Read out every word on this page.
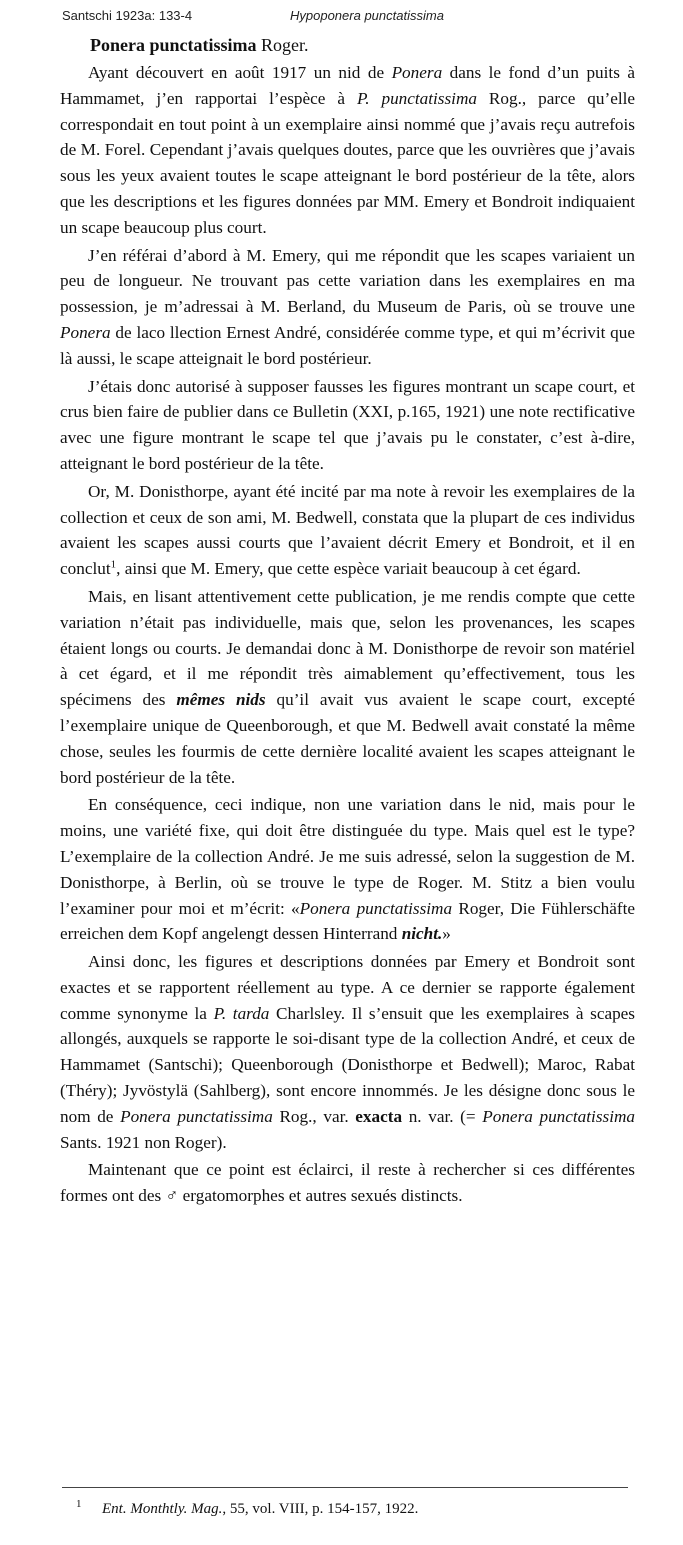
Santschi 1923a: 133-4	Hypoponera punctatissima
Ponera punctatissima Roger.

Ayant découvert en août 1917 un nid de Ponera dans le fond d’un puits à Hammamet, j’en rapportai l’espèce à P. punctatissima Rog., parce qu’elle correspondait en tout point à un exemplaire ainsi nommé que j’avais reçu autrefois de M. Forel. Cependant j’avais quelques doutes, parce que les ouvrières que j’avais sous les yeux avaient toutes le scape atteignant le bord postérieur de la tête, alors que les descriptions et les figures données par MM. Emery et Bondroit indiquaient un scape beaucoup plus court.

J’en référai d’abord à M. Emery, qui me répondit que les scapes variaient un peu de longueur. Ne trouvant pas cette variation dans les exemplaires en ma possession, je m’adressai à M. Berland, du Museum de Paris, où se trouve une Ponera de laco llection Ernest André, considérée comme type, et qui m’écrivit que là aussi, le scape atteignait le bord postérieur.

J’étais donc autorisé à supposer fausses les figures montrant un scape court, et crus bien faire de publier dans ce Bulletin (XXI, p.165, 1921) une note rectificative avec une figure montrant le scape tel que j’avais pu le constater, c’est à-dire, atteignant le bord postérieur de la tête.

Or, M. Donisthorpe, ayant été incité par ma note à revoir les exemplaires de la collection et ceux de son ami, M. Bedwell, constata que la plupart de ces individus avaient les scapes aussi courts que l’avaient décrit Emery et Bondroit, et il en conclut$^1$, ainsi que M. Emery, que cette espèce variait beaucoup à cet égard.

Mais, en lisant attentivement cette publication, je me rendis compte que cette variation n’était pas individuelle, mais que, selon les provenances, les scapes étaient longs ou courts. Je demandai donc à M. Donisthorpe de revoir son matériel à cet égard, et il me répondit très aimablement qu’effectivement, tous les spécimens des mêmes nids qu’il avait vus avaient le scape court, excepté l’exemplaire unique de Queenborough, et que M. Bedwell avait constaté la même chose, seules les fourmis de cette dernière localité avaient les scapes atteignant le bord postérieur de la tête.

En conséquence, ceci indique, non une variation dans le nid, mais pour le moins, une variété fixe, qui doit être distinguée du type. Mais quel est le type? L’exemplaire de la collection André. Je me suis adressé, selon la suggestion de M. Donisthorpe, à Berlin, où se trouve le type de Roger. M. Stitz a bien voulu l’examiner pour moi et m’écrit: «Ponera punctatissima Roger, Die Fühlerschäfte erreichen dem Kopf angelengt dessen Hinterrand nicht.»

Ainsi donc, les figures et descriptions données par Emery et Bondroit sont exactes et se rapportent réellement au type. A ce dernier se rapporte également comme synonyme la P. tarda Charlsley. Il s’ensuit que les exemplaires à scapes allongés, auxquels se rapporte le soi-disant type de la collection André, et ceux de Hammamet (Santschi); Queenborough (Donisthorpe et Bedwell); Maroc, Rabat (Théry); Jyvöstylä (Sahlberg), sont encore innommés. Je les désigne donc sous le nom de Ponera punctatissima Rog., var. exacta n. var. (= Ponera punctatissima Sants. 1921 non Roger).

Maintenant que ce point est éclairci, il reste à rechercher si ces différentes formes ont des ♂ ergatomorphes et autres sexués distincts.

1 Ent. Monthtly. Mag., 55, vol. VIII, p. 154-157, 1922.
